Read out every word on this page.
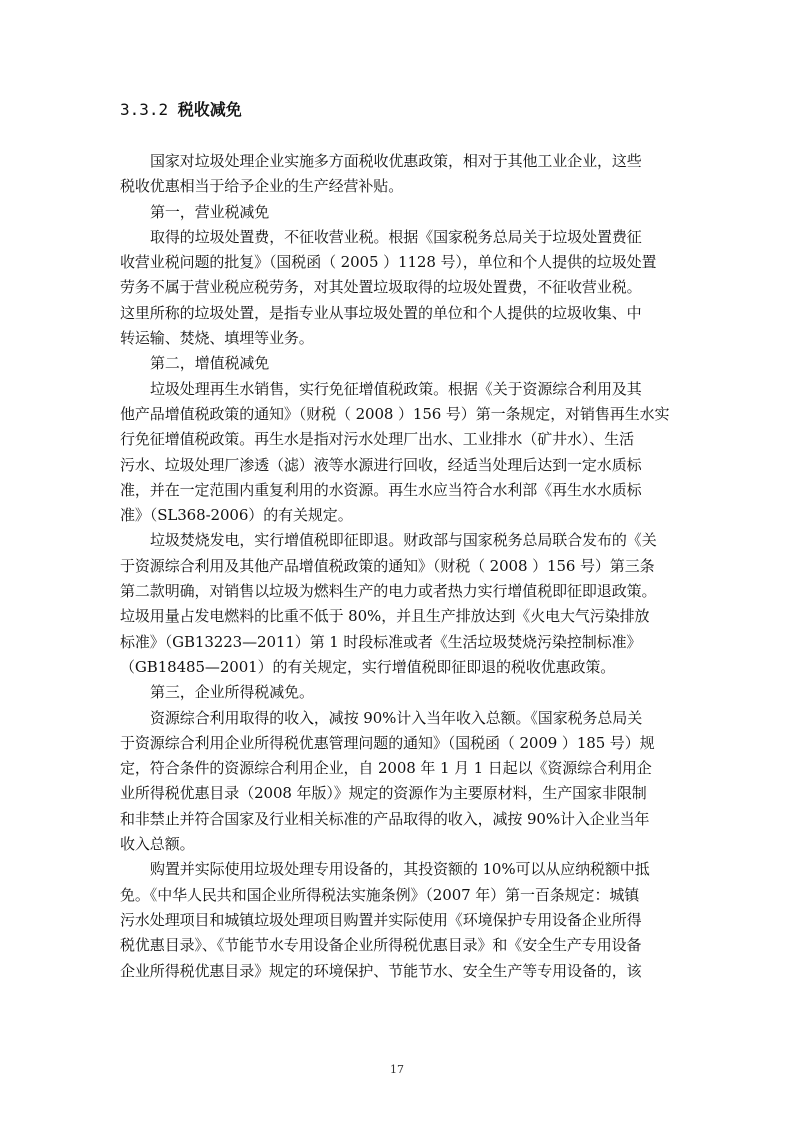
3.3.2 税收减免
国家对垃圾处理企业实施多方面税收优惠政策，相对于其他工业企业，这些
税收优惠相当于给予企业的生产经营补贴。
第一，营业税减免
取得的垃圾处置费，不征收营业税。根据《国家税务总局关于垃圾处置费征
收营业税问题的批复》（国税函（ 2005 ）1128 号），单位和个人提供的垃圾处置
劳务不属于营业税应税劳务，对其处置垃圾取得的垃圾处置费，不征收营业税。
这里所称的垃圾处置，是指专业从事垃圾处置的单位和个人提供的垃圾收集、中
转运输、焚烧、填埋等业务。
第二，增值税减免
垃圾处理再生水销售，实行免征增值税政策。根据《关于资源综合利用及其
他产品增值税政策的通知》（财税（ 2008 ）156 号）第一条规定，对销售再生水实
行免征增值税政策。再生水是指对污水处理厂出水、工业排水（矿井水）、生活
污水、垃圾处理厂渗透（滤）液等水源进行回收，经适当处理后达到一定水质标
准，并在一定范围内重复利用的水资源。再生水应当符合水利部《再生水水质标
准》（SL368-2006）的有关规定。
垃圾焚烧发电，实行增值税即征即退。财政部与国家税务总局联合发布的《关
于资源综合利用及其他产品增值税政策的通知》（财税（ 2008 ）156 号）第三条
第二款明确，对销售以垃圾为燃料生产的电力或者热力实行增值税即征即退政策。
垃圾用量占发电燃料的比重不低于 80%，并且生产排放达到《火电大气污染排放
标准》（GB13223—2011）第 1 时段标准或者《生活垃圾焚烧污染控制标准》
（GB18485—2001）的有关规定，实行增值税即征即退的税收优惠政策。
第三，企业所得税减免。
资源综合利用取得的收入，减按 90%计入当年收入总额。《国家税务总局关
于资源综合利用企业所得税优惠管理问题的通知》（国税函（ 2009 ）185 号）规
定，符合条件的资源综合利用企业，自 2008 年 1 月 1 日起以《资源综合利用企
业所得税优惠目录（2008 年版）》规定的资源作为主要原材料，生产国家非限制
和非禁止并符合国家及行业相关标准的产品取得的收入，减按 90%计入企业当年
收入总额。
购置并实际使用垃圾处理专用设备的，其投资额的 10%可以从应纳税额中抵
免。《中华人民共和国企业所得税法实施条例》（2007 年）第一百条规定：城镇
污水处理项目和城镇垃圾处理项目购置并实际使用《环境保护专用设备企业所得
税优惠目录》、《节能节水专用设备企业所得税优惠目录》和《安全生产专用设备
企业所得税优惠目录》规定的环境保护、节能节水、安全生产等专用设备的，该
17
